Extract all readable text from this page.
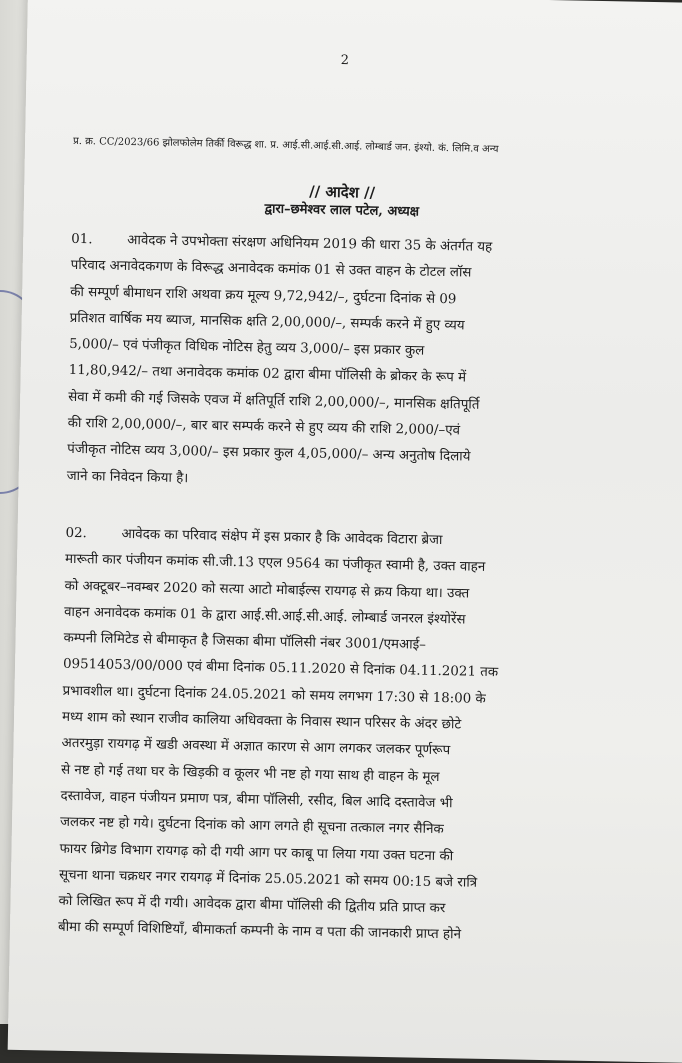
2
प्र. क्र. CC/2023/66 झोलफोलेम तिर्की विरूद्ध शा. प्र. आई.सी.आई.सी.आई. लोम्बार्ड जन. इंश्यो. कं. लिमि.व अन्य
// आदेश //
द्वारा–छमेश्वर लाल पटेल, अध्यक्ष
01.	आवेदक ने उपभोक्ता संरक्षण अधिनियम 2019 की धारा 35 के अंतर्गत यह
परिवाद अनावेदकगण के विरूद्ध अनावेदक कमांक 01 से उक्त वाहन के टोटल लॉस
की सम्पूर्ण बीमाधन राशि अथवा क्रय मूल्य 9,72,942/–, दुर्घटना दिनांक से 09
प्रतिशत वार्षिक मय ब्याज, मानसिक क्षति 2,00,000/–, सम्पर्क करने में हुए व्यय
5,000/– एवं पंजीकृत विधिक नोटिस हेतु व्यय 3,000/– इस प्रकार कुल
11,80,942/– तथा अनावेदक कमांक 02 द्वारा बीमा पॉलिसी के ब्रोकर के रूप में
सेवा में कमी की गई जिसके एवज में क्षतिपूर्ति राशि 2,00,000/–, मानसिक क्षतिपूर्ति
की राशि 2,00,000/–, बार बार सम्पर्क करने से हुए व्यय की राशि 2,000/–एवं
पंजीकृत नोटिस व्यय 3,000/– इस प्रकार कुल 4,05,000/– अन्य अनुतोष दिलाये
जाने का निवेदन किया है।
02.	आवेदक का परिवाद संक्षेप में इस प्रकार है कि आवेदक विटारा ब्रेजा
मारूती कार पंजीयन कमांक सी.जी.13 एएल 9564 का पंजीकृत स्वामी है, उक्त वाहन
को अक्टूबर–नवम्बर 2020 को सत्या आटो मोबाईल्स रायगढ़ से क्रय किया था। उक्त
वाहन अनावेदक कमांक 01 के द्वारा आई.सी.आई.सी.आई. लोम्बार्ड जनरल इंश्योरेंस
कम्पनी लिमिटेड से बीमाकृत है जिसका बीमा पॉलिसी नंबर 3001/एमआई–
09514053/00/000 एवं बीमा दिनांक 05.11.2020 से दिनांक 04.11.2021 तक
प्रभावशील था। दुर्घटना दिनांक 24.05.2021 को समय लगभग 17:30 से 18:00 के
मध्य शाम को स्थान राजीव कालिया अधिवक्ता के निवास स्थान परिसर के अंदर छोटे
अतरमुड़ा रायगढ़ में खडी अवस्था में अज्ञात कारण से आग लगकर जलकर पूर्णरूप
से नष्ट हो गई तथा घर के खिड़की व कूलर भी नष्ट हो गया साथ ही वाहन के मूल
दस्तावेज, वाहन पंजीयन प्रमाण पत्र, बीमा पॉलिसी, रसीद, बिल आदि दस्तावेज भी
जलकर नष्ट हो गये। दुर्घटना दिनांक को आग लगते ही सूचना तत्काल नगर सैनिक
फायर ब्रिगेड विभाग रायगढ़ को दी गयी आग पर काबू पा लिया गया उक्त घटना की
सूचना थाना चक्रधर नगर रायगढ़ में दिनांक 25.05.2021 को समय 00:15 बजे रात्रि
को लिखित रूप में दी गयी। आवेदक द्वारा बीमा पॉलिसी की द्वितीय प्रति प्राप्त कर
बीमा की सम्पूर्ण विशिष्टियाँ, बीमाकर्ता कम्पनी के नाम व पता की जानकारी प्राप्त होने
